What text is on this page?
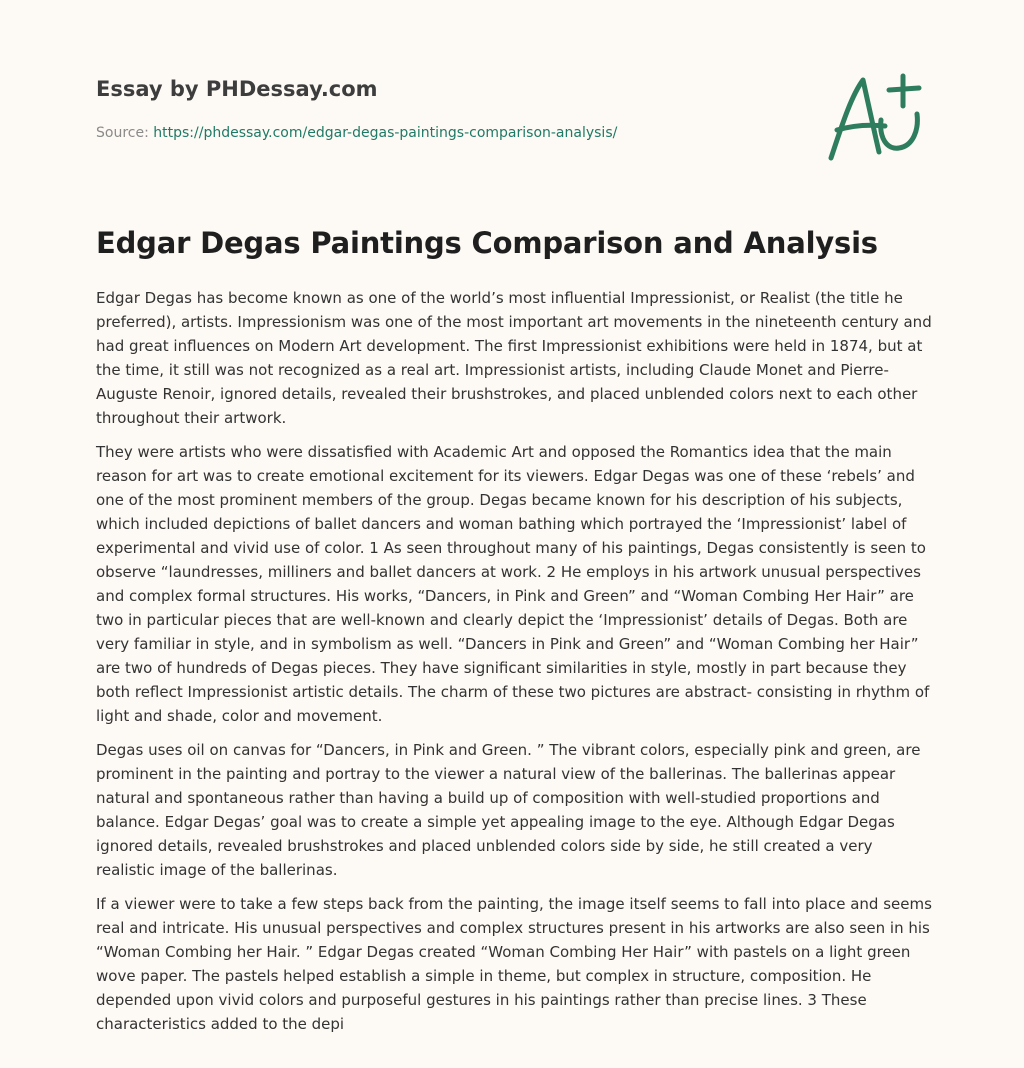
Essay by PHDessay.com
Source: https://phdessay.com/edgar-degas-paintings-comparison-analysis/
Edgar Degas Paintings Comparison and Analysis

Edgar Degas has become known as one of the world’s most influential Impressionist, or Realist (the title he preferred), artists. Impressionism was one of the most important art movements in the nineteenth century and had great influences on Modern Art development. The first Impressionist exhibitions were held in 1874, but at the time, it still was not recognized as a real art. Impressionist artists, including Claude Monet and Pierre-Auguste Renoir, ignored details, revealed their brushstrokes, and placed unblended colors next to each other throughout their artwork.

They were artists who were dissatisfied with Academic Art and opposed the Romantics idea that the main reason for art was to create emotional excitement for its viewers. Edgar Degas was one of these ‘rebels’ and one of the most prominent members of the group. Degas became known for his description of his subjects, which included depictions of ballet dancers and woman bathing which portrayed the ‘Impressionist’ label of experimental and vivid use of color. 1 As seen throughout many of his paintings, Degas consistently is seen to observe “laundresses, milliners and ballet dancers at work. 2 He employs in his artwork unusual perspectives and complex formal structures. His works, “Dancers, in Pink and Green” and “Woman Combing Her Hair” are two in particular pieces that are well-known and clearly depict the ‘Impressionist’ details of Degas. Both are very familiar in style, and in symbolism as well. “Dancers in Pink and Green” and “Woman Combing her Hair” are two of hundreds of Degas pieces. They have significant similarities in style, mostly in part because they both reflect Impressionist artistic details. The charm of these two pictures are abstract- consisting in rhythm of light and shade, color and movement.

Degas uses oil on canvas for “Dancers, in Pink and Green. ” The vibrant colors, especially pink and green, are prominent in the painting and portray to the viewer a natural view of the ballerinas. The ballerinas appear natural and spontaneous rather than having a build up of composition with well-studied proportions and balance. Edgar Degas’ goal was to create a simple yet appealing image to the eye. Although Edgar Degas ignored details, revealed brushstrokes and placed unblended colors side by side, he still created a very realistic image of the ballerinas.

If a viewer were to take a few steps back from the painting, the image itself seems to fall into place and seems real and intricate. His unusual perspectives and complex structures present in his artworks are also seen in his “Woman Combing her Hair. ” Edgar Degas created “Woman Combing Her Hair” with pastels on a light green wove paper. The pastels helped establish a simple in theme, but complex in structure, composition. He depended upon vivid colors and purposeful gestures in his paintings rather than precise lines. 3 These characteristics added to the depi
